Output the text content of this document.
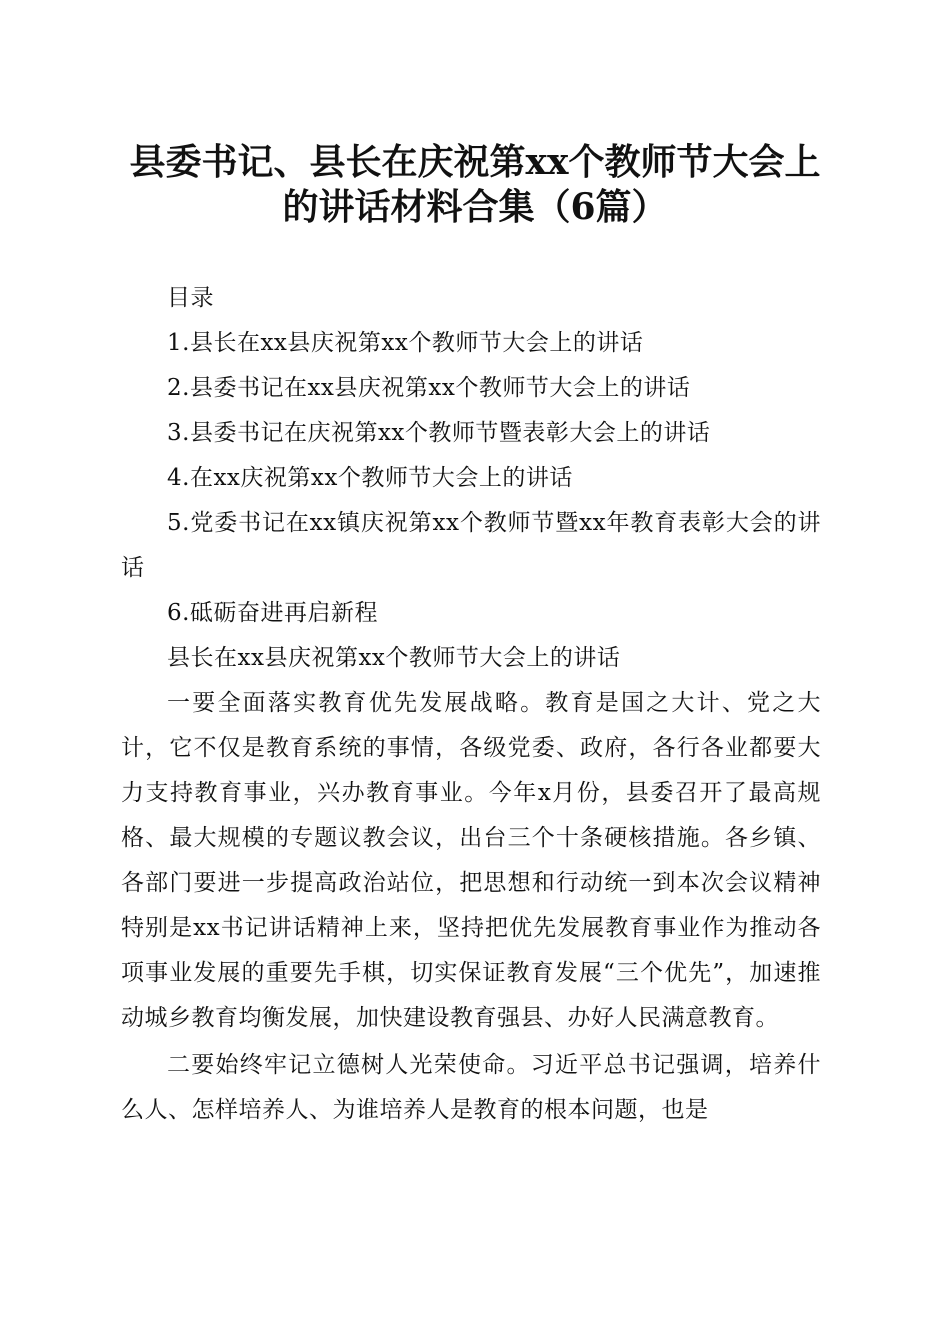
县委书记、县长在庆祝第xx个教师节大会上
的讲话材料合集（6篇）

目录

1.县长在xx县庆祝第xx个教师节大会上的讲话

2.县委书记在xx县庆祝第xx个教师节大会上的讲话

3.县委书记在庆祝第xx个教师节暨表彰大会上的讲话

4.在xx庆祝第xx个教师节大会上的讲话

5.党委书记在xx镇庆祝第xx个教师节暨xx年教育表彰大会的讲话

6.砥砺奋进再启新程

县长在xx县庆祝第xx个教师节大会上的讲话

一要全面落实教育优先发展战略。教育是国之大计、党之大计，它不仅是教育系统的事情，各级党委、政府，各行各业都要大力支持教育事业，兴办教育事业。今年x月份，县委召开了最高规格、最大规模的专题议教会议，出台三个十条硬核措施。各乡镇、各部门要进一步提高政治站位，把思想和行动统一到本次会议精神特别是xx书记讲话精神上来，坚持把优先发展教育事业作为推动各项事业发展的重要先手棋，切实保证教育发展“三个优先”，加速推动城乡教育均衡发展，加快建设教育强县、办好人民满意教育。

二要始终牢记立德树人光荣使命。习近平总书记强调，培养什么人、怎样培养人、为谁培养人是教育的根本问题，也是
